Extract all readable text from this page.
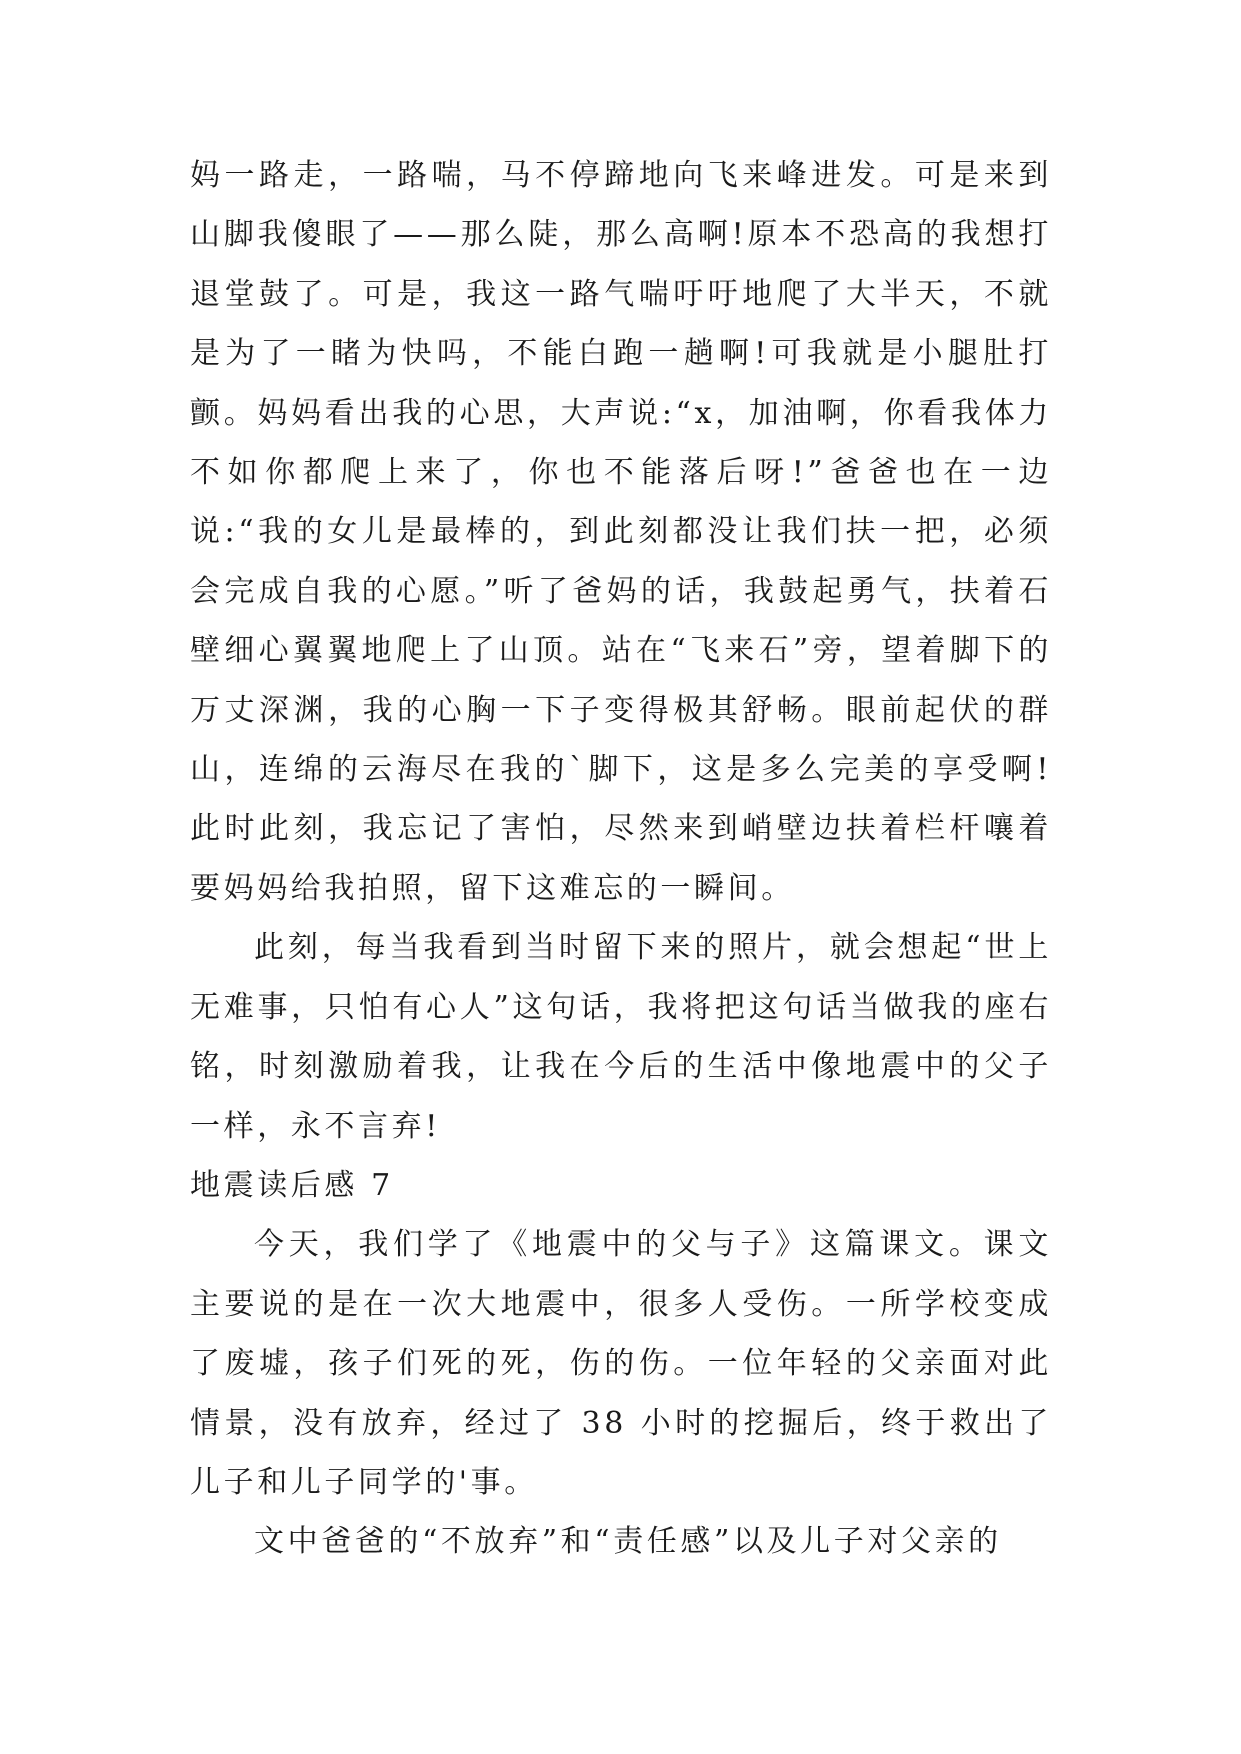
妈一路走，一路喘，马不停蹄地向飞来峰进发。可是来到山脚我傻眼了——那么陡，那么高啊!原本不恐高的我想打退堂鼓了。可是，我这一路气喘吁吁地爬了大半天，不就是为了一睹为快吗，不能白跑一趟啊!可我就是小腿肚打颤。妈妈看出我的心思，大声说:“x，加油啊，你看我体力不如你都爬上来了，你也不能落后呀!”爸爸也在一边说:“我的女儿是最棒的，到此刻都没让我们扶一把，必须会完成自我的心愿。”听了爸妈的话，我鼓起勇气，扶着石壁细心翼翼地爬上了山顶。站在“飞来石”旁，望着脚下的万丈深渊，我的心胸一下子变得极其舒畅。眼前起伏的群山，连绵的云海尽在我的`脚下，这是多么完美的享受啊!此时此刻，我忘记了害怕，尽然来到峭壁边扶着栏杆嚷着要妈妈给我拍照，留下这难忘的一瞬间。

此刻，每当我看到当时留下来的照片，就会想起“世上无难事，只怕有心人”这句话，我将把这句话当做我的座右铭，时刻激励着我，让我在今后的生活中像地震中的父子一样，永不言弃!

地震读后感 7

今天，我们学了《地震中的父与子》这篇课文。课文主要说的是在一次大地震中，很多人受伤。一所学校变成了废墟，孩子们死的死，伤的伤。一位年轻的父亲面对此情景，没有放弃，经过了 38 小时的挖掘后，终于救出了儿子和儿子同学的'事。

文中爸爸的“不放弃”和“责任感”以及儿子对父亲的
